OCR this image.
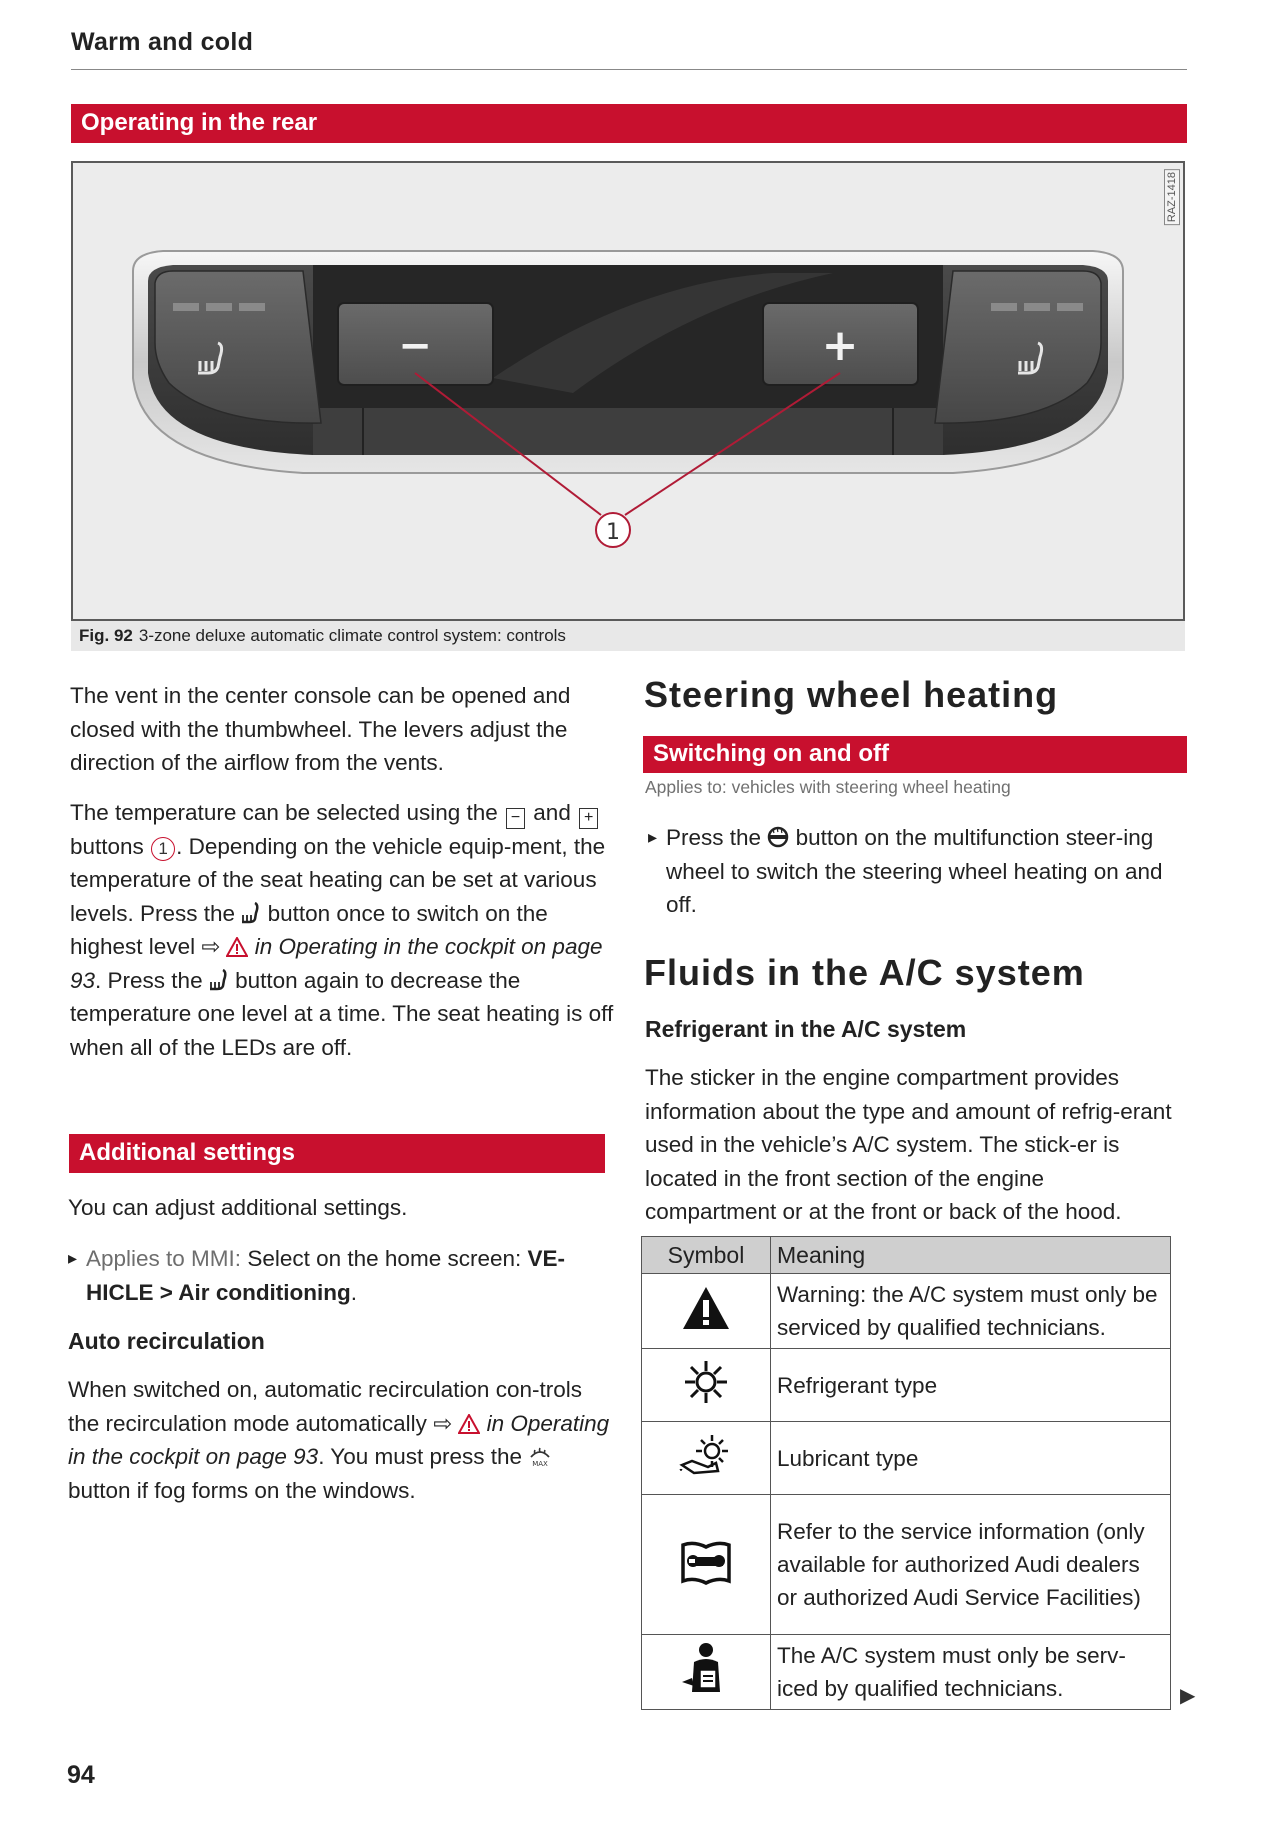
Warm and cold
Operating in the rear
−	+
1
RAZ-1418
Fig. 92 3-zone deluxe automatic climate control system: controls

The vent in the center console can be opened and closed with the thumbwheel. The levers adjust the direction of the airflow from the vents.

The temperature can be selected using the − and + buttons 1 . Depending on the vehicle equip-ment, the temperature of the seat heating can be set at various levels. Press the button once to switch on the highest level ⇨ in Operating in the cockpit on page 93. Press the button again to decrease the temperature one level at a time. The seat heating is off when all of the LEDs are off.

Additional settings
You can adjust additional settings.

▸ Applies to MMI: Select on the home screen: VE-HICLE > Air conditioning.

Auto recirculation

When switched on, automatic recirculation con-trols the recirculation mode automatically ⇨ in Operating in the cockpit on page 93. You must press the MAX
button if fog forms on the windows.

Steering wheel heating
Switching on and off
Applies to: vehicles with steering wheel heating

▸ Press the button on the multifunction steer-ing wheel to switch the steering wheel heating on and off.

Fluids in the A/C system
Refrigerant in the A/C system
The sticker in the engine compartment provides information about the type and amount of refrig-erant used in the vehicle’s A/C system. The stick-er is located in the front section of the engine compartment or at the front or back of the hood.
Symbol	Meaning
	Warning: the A/C system must only be serviced by qualified technicians.
	Refrigerant type
	Lubricant type
	Refer to the service information (only available for authorized Audi dealers or authorized Audi Service Facilities)
	The A/C system must only be serv-iced by qualified technicians.	▶
94
